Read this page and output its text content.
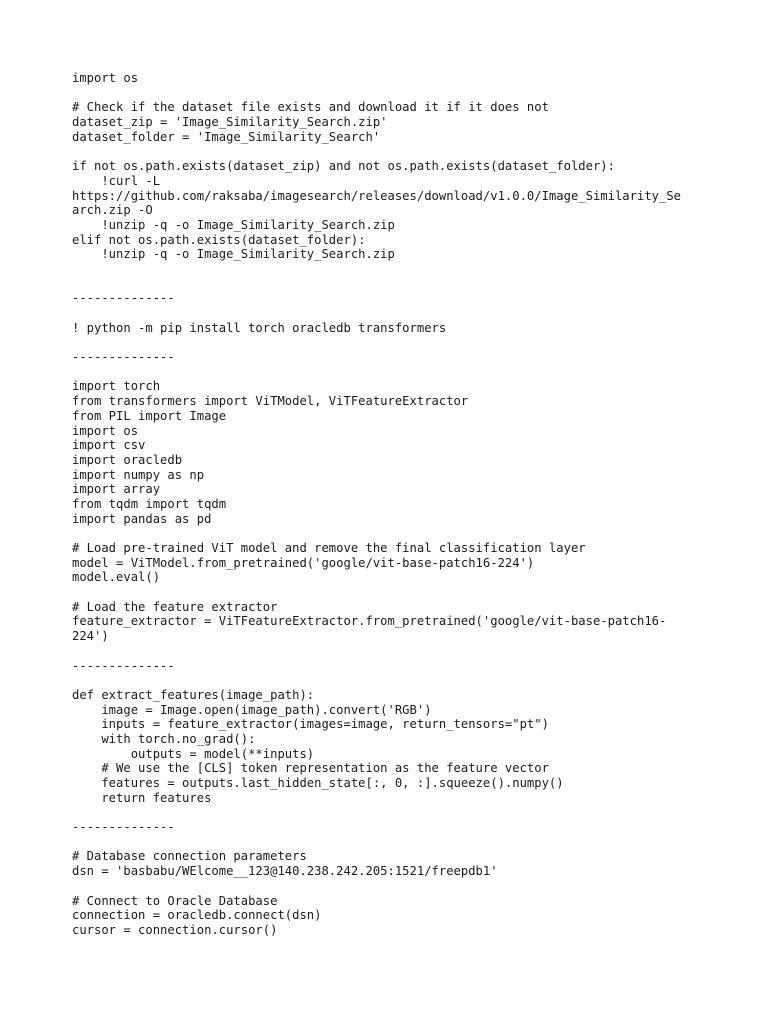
import os
# Check if the dataset file exists and download it if it does not
dataset_zip = 'Image_Similarity_Search.zip'
dataset_folder = 'Image_Similarity_Search'
if not os.path.exists(dataset_zip) and not os.path.exists(dataset_folder):
!curl -L
https://github.com/raksaba/imagesearch/releases/download/v1.0.0/Image_Similarity_Se
arch.zip -O
!unzip -q -o Image_Similarity_Search.zip
elif not os.path.exists(dataset_folder):
!unzip -q -o Image_Similarity_Search.zip
--------------
! python -m pip install torch oracledb transformers
--------------
import torch
from transformers import ViTModel, ViTFeatureExtractor
from PIL import Image
import os
import csv
import oracledb
import numpy as np
import array
from tqdm import tqdm
import pandas as pd
# Load pre-trained ViT model and remove the final classification layer
model = ViTModel.from_pretrained('google/vit-base-patch16-224')
model.eval()
# Load the feature extractor
feature_extractor = ViTFeatureExtractor.from_pretrained('google/vit-base-patch16-
224')
--------------
def extract_features(image_path):
image = Image.open(image_path).convert('RGB')
inputs = feature_extractor(images=image, return_tensors="pt")
with torch.no_grad():
outputs = model(**inputs)
# We use the [CLS] token representation as the feature vector
features = outputs.last_hidden_state[:, 0, :].squeeze().numpy()
return features
--------------
# Database connection parameters
dsn = 'basbabu/WElcome__123@140.238.242.205:1521/freepdb1'
# Connect to Oracle Database
connection = oracledb.connect(dsn)
cursor = connection.cursor()
